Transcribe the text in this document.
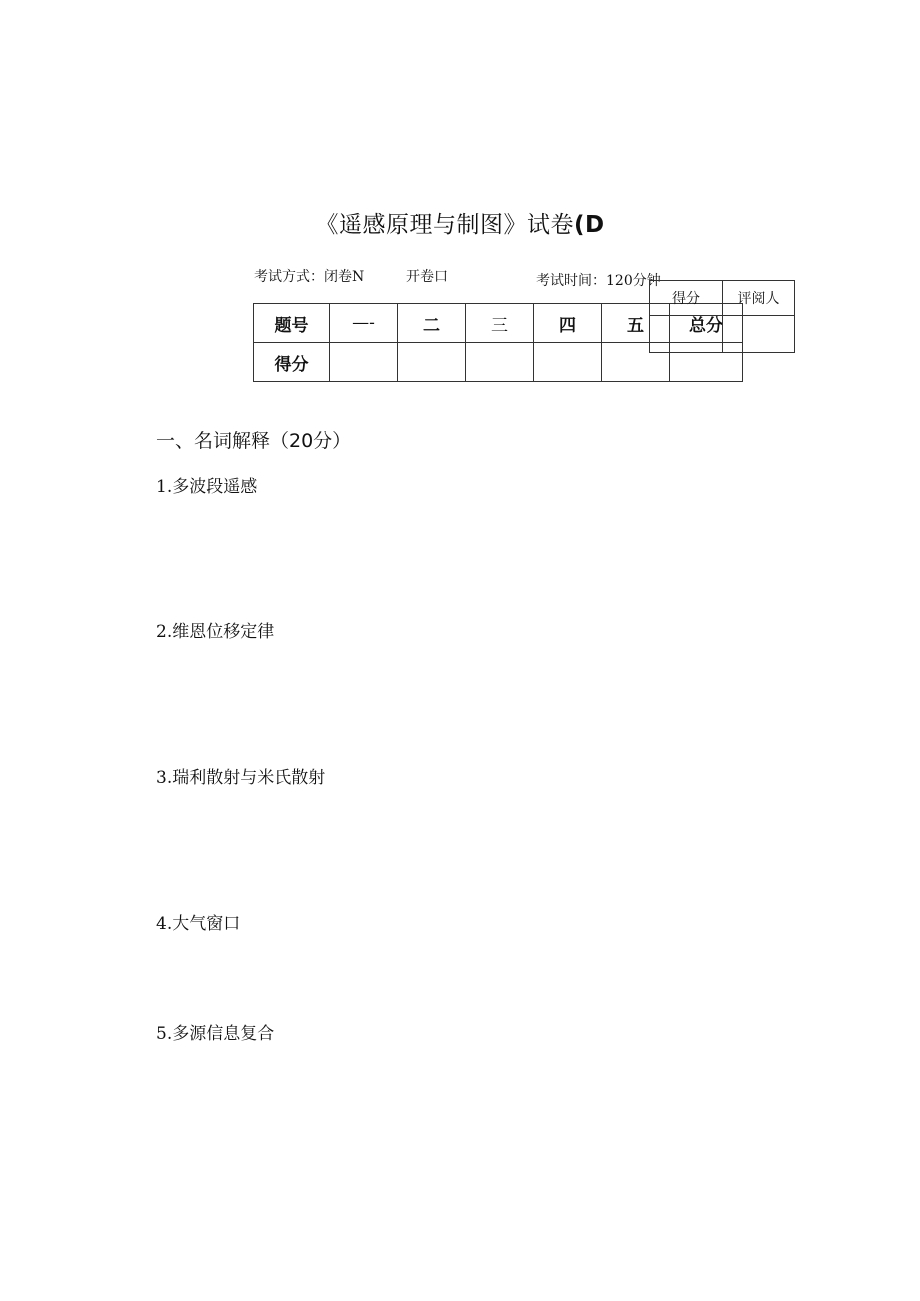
《遥感原理与制图》试卷(D
考试方式：闭卷N	开卷口	考试时间：120分钟
题号	—-	二	三	四	五	总分
得分						
得分	评阅人

一、名词解释（20分）
1.多波段遥感
2.维恩位移定律
3.瑞利散射与米氏散射
4.大气窗口
5.多源信息复合
